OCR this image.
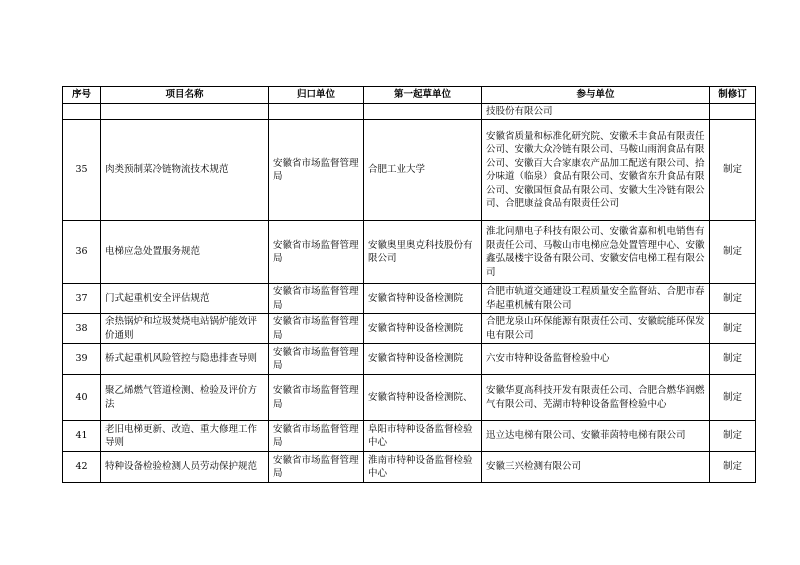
序号	项目名称	归口单位	第一起草单位	参与单位	制修订
				技股份有限公司	
35	肉类预制菜冷链物流技术规范	安徽省市场监督管理局	合肥工业大学	安徽省质量和标准化研究院、安徽禾丰食品有限责任公司、安徽大众冷链有限公司、马鞍山雨润食品有限公司、安徽百大合家康农产品加工配送有限公司、拾分味道（临泉）食品有限公司、安徽省东升食品有限公司、安徽国恒食品有限公司、安徽大生冷链有限公司、合肥康益食品有限责任公司	制定
36	电梯应急处置服务规范	安徽省市场监督管理局	安徽奥里奥克科技股份有限公司	淮北问鼎电子科技有限公司、安徽省嘉和机电销售有限责任公司、马鞍山市电梯应急处置管理中心、安徽鑫弘晟楼宇设备有限公司、安徽安信电梯工程有限公司	制定
37	门式起重机安全评估规范	安徽省市场监督管理局	安徽省特种设备检测院	合肥市轨道交通建设工程质量安全监督站、合肥市春华起重机械有限公司	制定
38	余热锅炉和垃圾焚烧电站锅炉能效评价通则	安徽省市场监督管理局	安徽省特种设备检测院	合肥龙泉山环保能源有限责任公司、安徽皖能环保发电有限公司	制定
39	桥式起重机风险管控与隐患排查导则	安徽省市场监督管理局	安徽省特种设备检测院	六安市特种设备监督检验中心	制定
40	聚乙烯燃气管道检测、检验及评价方法	安徽省市场监督管理局	安徽省特种设备检测院、	安徽华夏高科技开发有限责任公司、合肥合燃华润燃气有限公司、芜湖市特种设备监督检验中心	制定
41	老旧电梯更新、改造、重大修理工作导则	安徽省市场监督管理局	阜阳市特种设备监督检验中心	迅立达电梯有限公司、安徽菲茵特电梯有限公司	制定
42	特种设备检验检测人员劳动保护规范	安徽省市场监督管理局	淮南市特种设备监督检验中心	安徽三兴检测有限公司	制定
